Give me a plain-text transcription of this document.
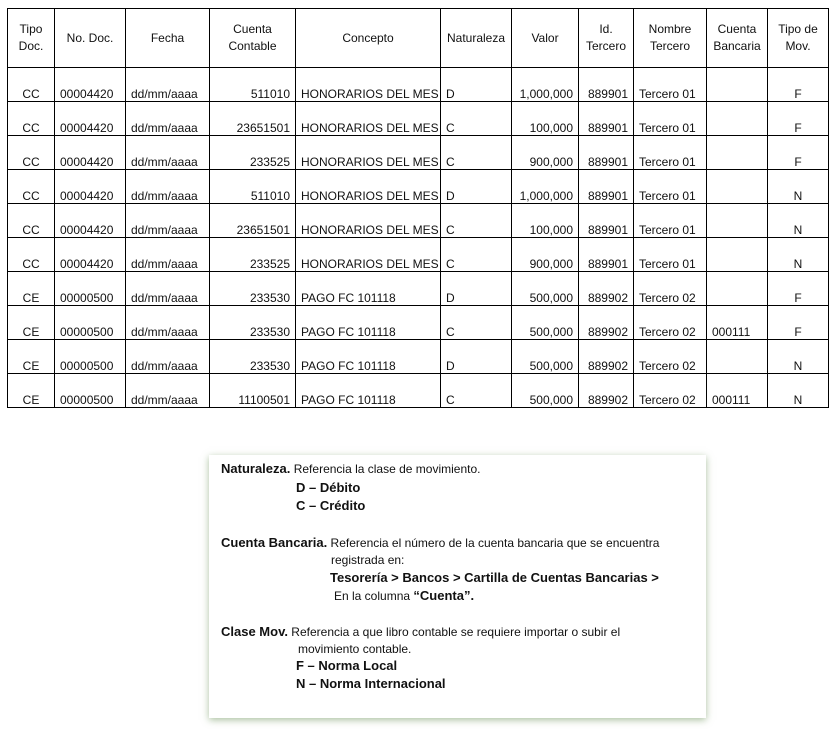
Tipo Doc.	No. Doc.	Fecha	Cuenta Contable	Concepto	Naturaleza	Valor	Id. Tercero	Nombre Tercero	Cuenta Bancaria	Tipo de Mov.
CC	00004420	dd/mm/aaaa	511010	HONORARIOS DEL MES	D	1,000,000	889901	Tercero 01		F
CC	00004420	dd/mm/aaaa	23651501	HONORARIOS DEL MES	C	100,000	889901	Tercero 01		F
CC	00004420	dd/mm/aaaa	233525	HONORARIOS DEL MES	C	900,000	889901	Tercero 01		F
CC	00004420	dd/mm/aaaa	511010	HONORARIOS DEL MES	D	1,000,000	889901	Tercero 01		N
CC	00004420	dd/mm/aaaa	23651501	HONORARIOS DEL MES	C	100,000	889901	Tercero 01		N
CC	00004420	dd/mm/aaaa	233525	HONORARIOS DEL MES	C	900,000	889901	Tercero 01		N
CE	00000500	dd/mm/aaaa	233530	PAGO FC 101118	D	500,000	889902	Tercero 02		F
CE	00000500	dd/mm/aaaa	233530	PAGO FC 101118	C	500,000	889902	Tercero 02	000111	F
CE	00000500	dd/mm/aaaa	233530	PAGO FC 101118	D	500,000	889902	Tercero 02		N
CE	00000500	dd/mm/aaaa	11100501	PAGO FC 101118	C	500,000	889902	Tercero 02	000111	N
Naturaleza. Referencia la clase de movimiento.
D – Débito
C – Crédito
Cuenta Bancaria. Referencia el número de la cuenta bancaria que se encuentra
registrada en:
Tesorería > Bancos > Cartilla de Cuentas Bancarias >
En la columna “Cuenta”.
Clase Mov. Referencia a que libro contable se requiere importar o subir el
movimiento contable.
F – Norma Local
N – Norma Internacional
